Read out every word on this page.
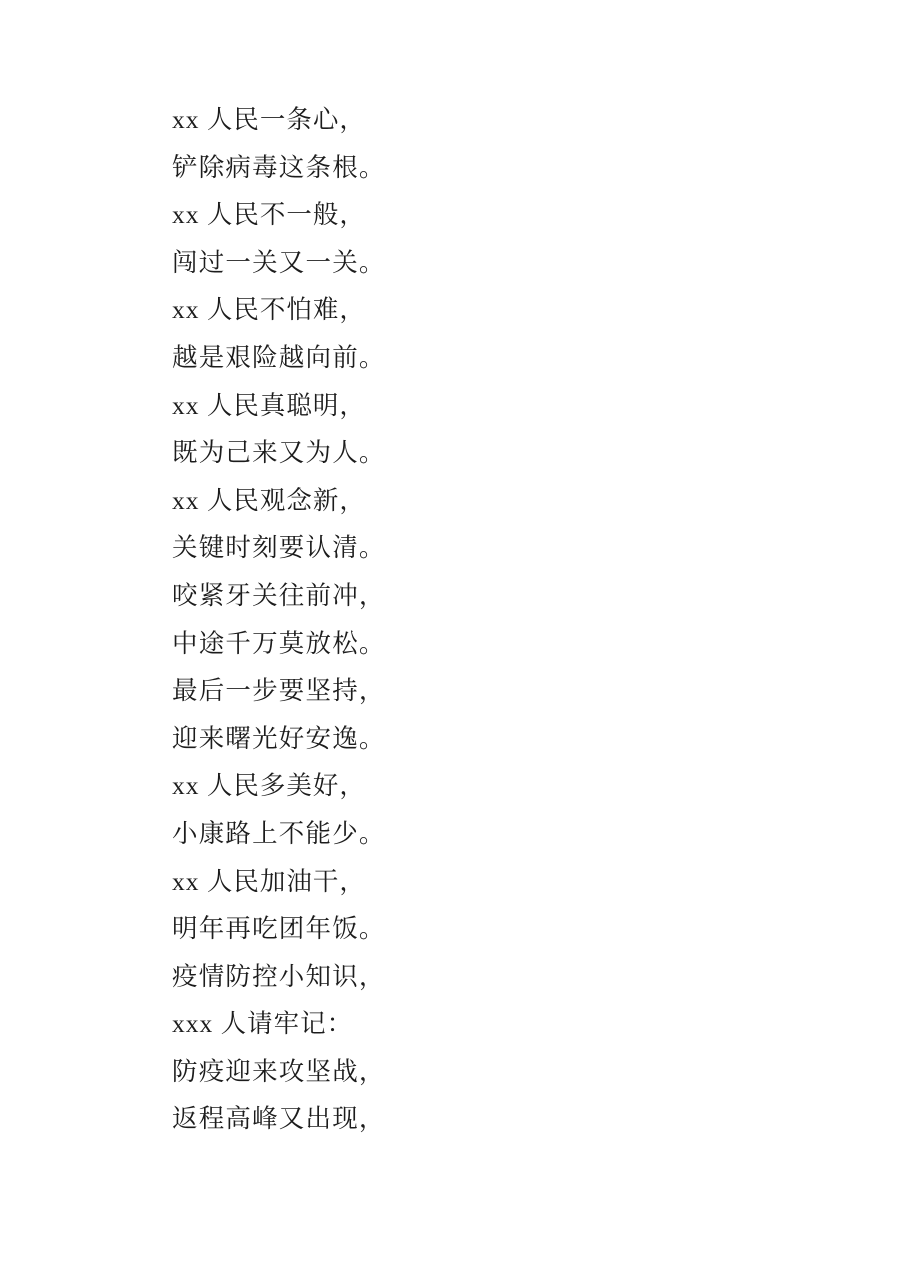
xx 人民一条心，
铲除病毒这条根。
xx 人民不一般，
闯过一关又一关。
xx 人民不怕难，
越是艰险越向前。
xx 人民真聪明，
既为己来又为人。
xx 人民观念新，
关键时刻要认清。
咬紧牙关往前冲，
中途千万莫放松。
最后一步要坚持，
迎来曙光好安逸。
xx 人民多美好，
小康路上不能少。
xx 人民加油干，
明年再吃团年饭。
疫情防控小知识，
xxx 人请牢记：
防疫迎来攻坚战，
返程高峰又出现，
